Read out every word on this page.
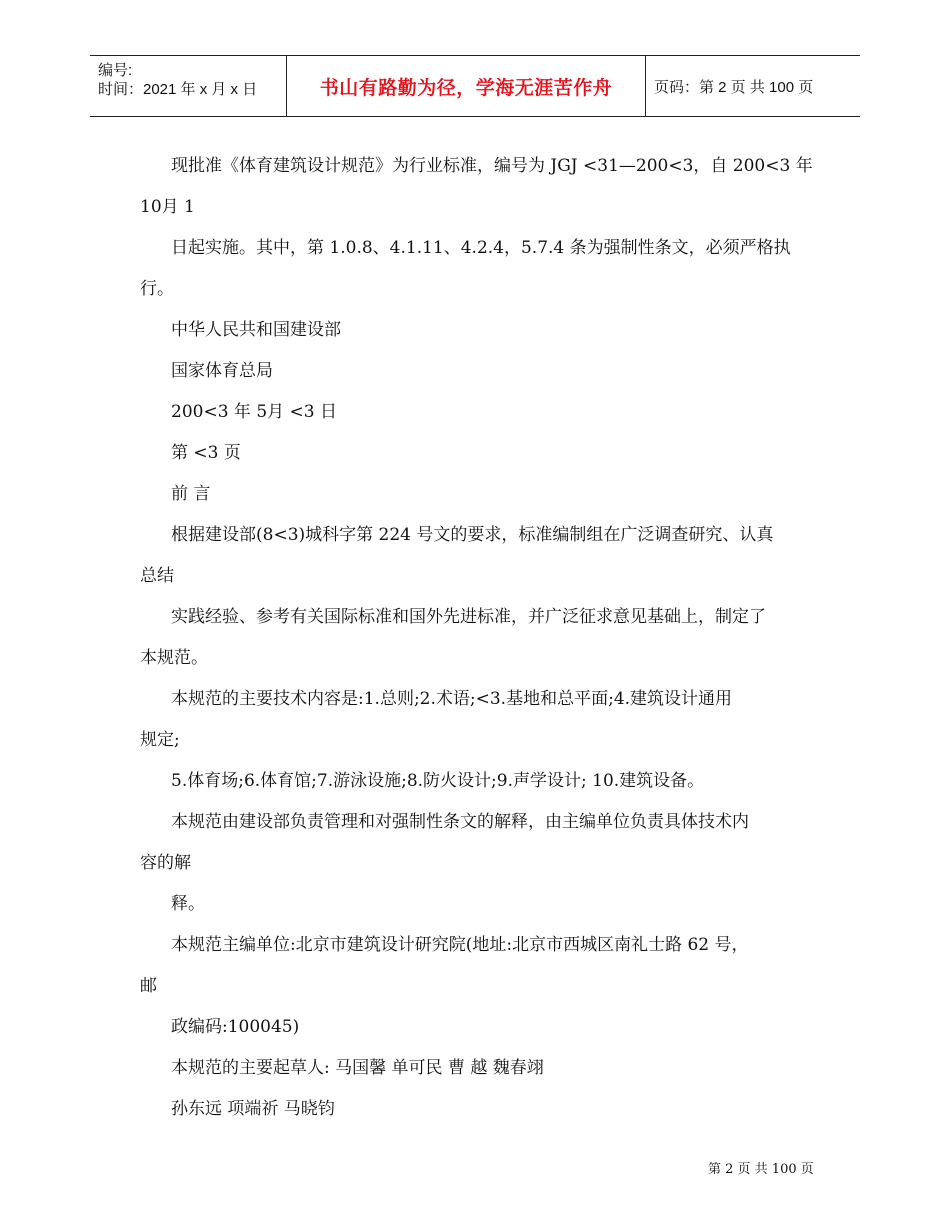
编号:
时间：2021 年 x 月 x 日	书山有路勤为径，学海无涯苦作舟	页码：第 2 页 共 100 页

现批准《体育建筑设计规范》为行业标准，编号为 JGJ <31—200<3，自 200<3 年

10月 1

日起实施。其中，第 1.0.8、4.1.11、4.2.4，5.7.4 条为强制性条文，必须严格执

行。

中华人民共和国建设部

国家体育总局

200<3 年 5月 <3 日

第 <3 页

前 言

根据建设部(8<3)城科字第 224 号文的要求，标准编制组在广泛调查研究、认真

总结

实践经验、参考有关国际标准和国外先进标准，并广泛征求意见基础上，制定了

本规范。

本规范的主要技术内容是:1.总则;2.术语;<3.基地和总平面;4.建筑设计通用

规定;

5.体育场;6.体育馆;7.游泳设施;8.防火设计;9.声学设计; 10.建筑设备。

本规范由建设部负责管理和对强制性条文的解释，由主编单位负责具体技术内

容的解

释。

本规范主编单位:北京市建筑设计研究院(地址:北京市西城区南礼士路 62 号，

邮

政编码:100045)

本规范的主要起草人: 马国馨 单可民 曹 越 魏春翊

孙东远 项端祈 马晓钧

第 2 页 共 100 页
